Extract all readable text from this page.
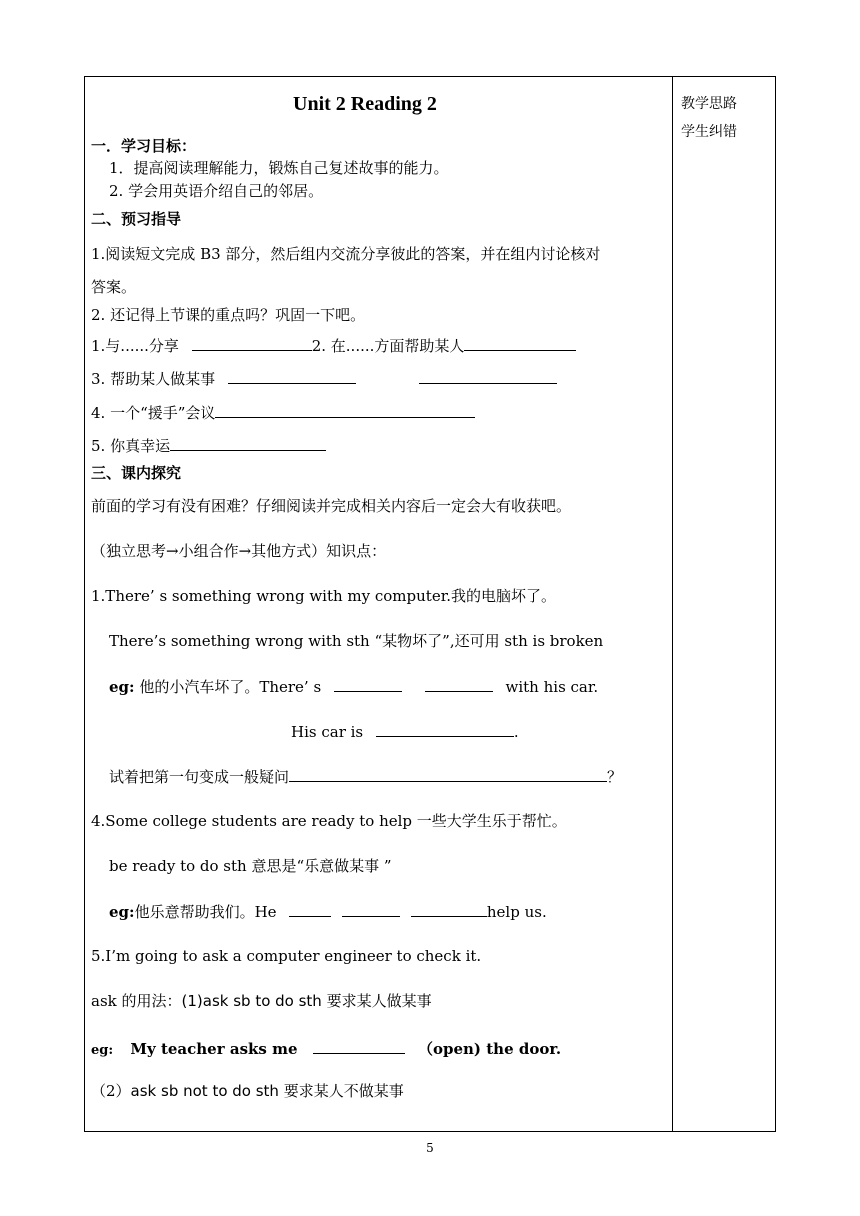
教学思路
学生纠错
Unit 2 Reading 2
一．学习目标：
1．提高阅读理解能力，锻炼自己复述故事的能力。
2. 学会用英语介绍自己的邻居。
二、预习指导
1.阅读短文完成 B3 部分，然后组内交流分享彼此的答案，并在组内讨论核对
答案。
2. 还记得上节课的重点吗？巩固一下吧。
1.与......分享	2. 在......方面帮助某人
3. 帮助某人做某事
4. 一个“援手”会议
5. 你真幸运
三、课内探究
前面的学习有没有困难？仔细阅读并完成相关内容后一定会大有收获吧。
（独立思考→小组合作→其他方式）知识点：
1.There’ s something wrong with my computer.我的电脑坏了。
There’s something wrong with sth “某物坏了”,还可用 sth is broken
eg: 他的小汽车坏了。There’ s	with his car.
His car is	.
试着把第一句变成一般疑问	？
4.Some college students are ready to help 一些大学生乐于帮忙。
be ready to do sth 意思是“乐意做某事 ”
eg:他乐意帮助我们。He	help us.
5.I’m going to ask a computer engineer to check it.
ask 的用法：(1)ask sb to do sth 要求某人做某事
eg: My teacher asks me	（open) the door.
（2）ask sb not to do sth 要求某人不做某事
5
